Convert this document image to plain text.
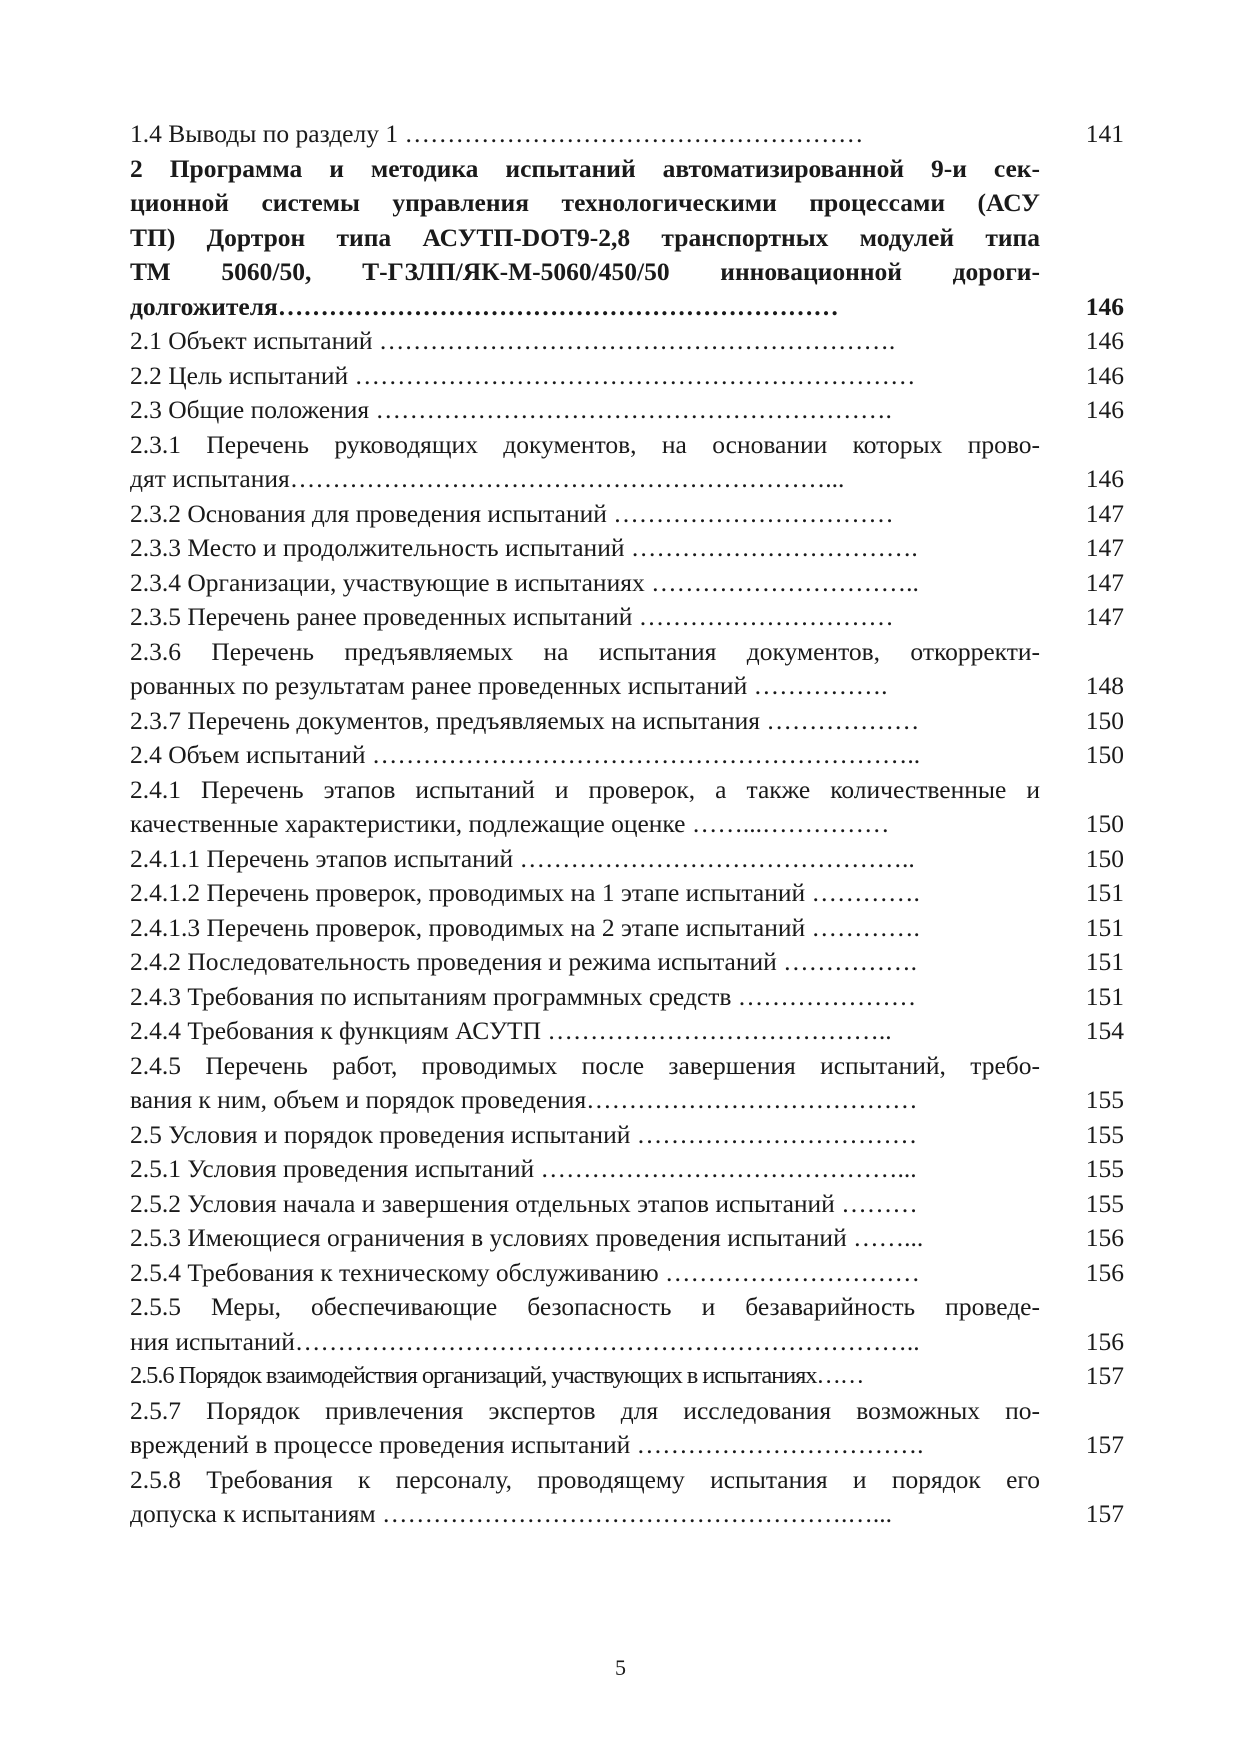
1.4 Выводы по разделу 1 ………………………………………………	141
2 Программа и методика испытаний автоматизированной 9-и сек-
ционной системы управления технологическими процессами (АСУ
ТП) Дортрон типа АСУТП-DOT9-2,8 транспортных модулей типа
ТМ 5060/50, Т-ГЗЛП/ЯК-М-5060/450/50 инновационной дороги-
долгожителя…………………………………………………………	146
2.1 Объект испытаний …………………………………………………….	146
2.2 Цель испытаний …………………………………………………………	146
2.3 Общие положения …………………………………………………….	146
2.3.1 Перечень руководящих документов, на основании которых прово-
дят испытания………………………………………………………...	146
2.3.2 Основания для проведения испытаний ……………………………	147
2.3.3 Место и продолжительность испытаний …………………………….	147
2.3.4 Организации, участвующие в испытаниях …………………………..	147
2.3.5 Перечень ранее проведенных испытаний …………………………	147
2.3.6 Перечень предъявляемых на испытания документов, откорректи-
рованных по результатам ранее проведенных испытаний …………….	148
2.3.7 Перечень документов, предъявляемых на испытания ………………	150
2.4 Объем испытаний ………………………………………………………..	150
2.4.1 Перечень этапов испытаний и проверок, а также количественные и
качественные характеристики, подлежащие оценке ……...……………	150
2.4.1.1 Перечень этапов испытаний ………………………………………..	150
2.4.1.2 Перечень проверок, проводимых на 1 этапе испытаний ………….	151
2.4.1.3 Перечень проверок, проводимых на 2 этапе испытаний ………….	151
2.4.2 Последовательность проведения и режима испытаний …………….	151
2.4.3 Требования по испытаниям программных средств …………………	151
2.4.4 Требования к функциям АСУТП …………………………………..	154
2.4.5 Перечень работ, проводимых после завершения испытаний, требо-
вания к ним, объем и порядок проведения…………………………………	155
2.5 Условия и порядок проведения испытаний ……………………………	155
2.5.1 Условия проведения испытаний ……………………………………...	155
2.5.2 Условия начала и завершения отдельных этапов испытаний ………	155
2.5.3 Имеющиеся ограничения в условиях проведения испытаний ……...	156
2.5.4 Требования к техническому обслуживанию …………………………	156
2.5.5 Меры, обеспечивающие безопасность и безаварийность проведе-
ния испытаний………………………………………………………………..	156
2.5.6 Порядок взаимодействия организаций, участвующих в испытаниях……	157
2.5.7 Порядок привлечения экспертов для исследования возможных по-
вреждений в процессе проведения испытаний …………………………….	157
2.5.8 Требования к персоналу, проводящему испытания и порядок его
допуска к испытаниям ……………………………………………….…...	157
5
